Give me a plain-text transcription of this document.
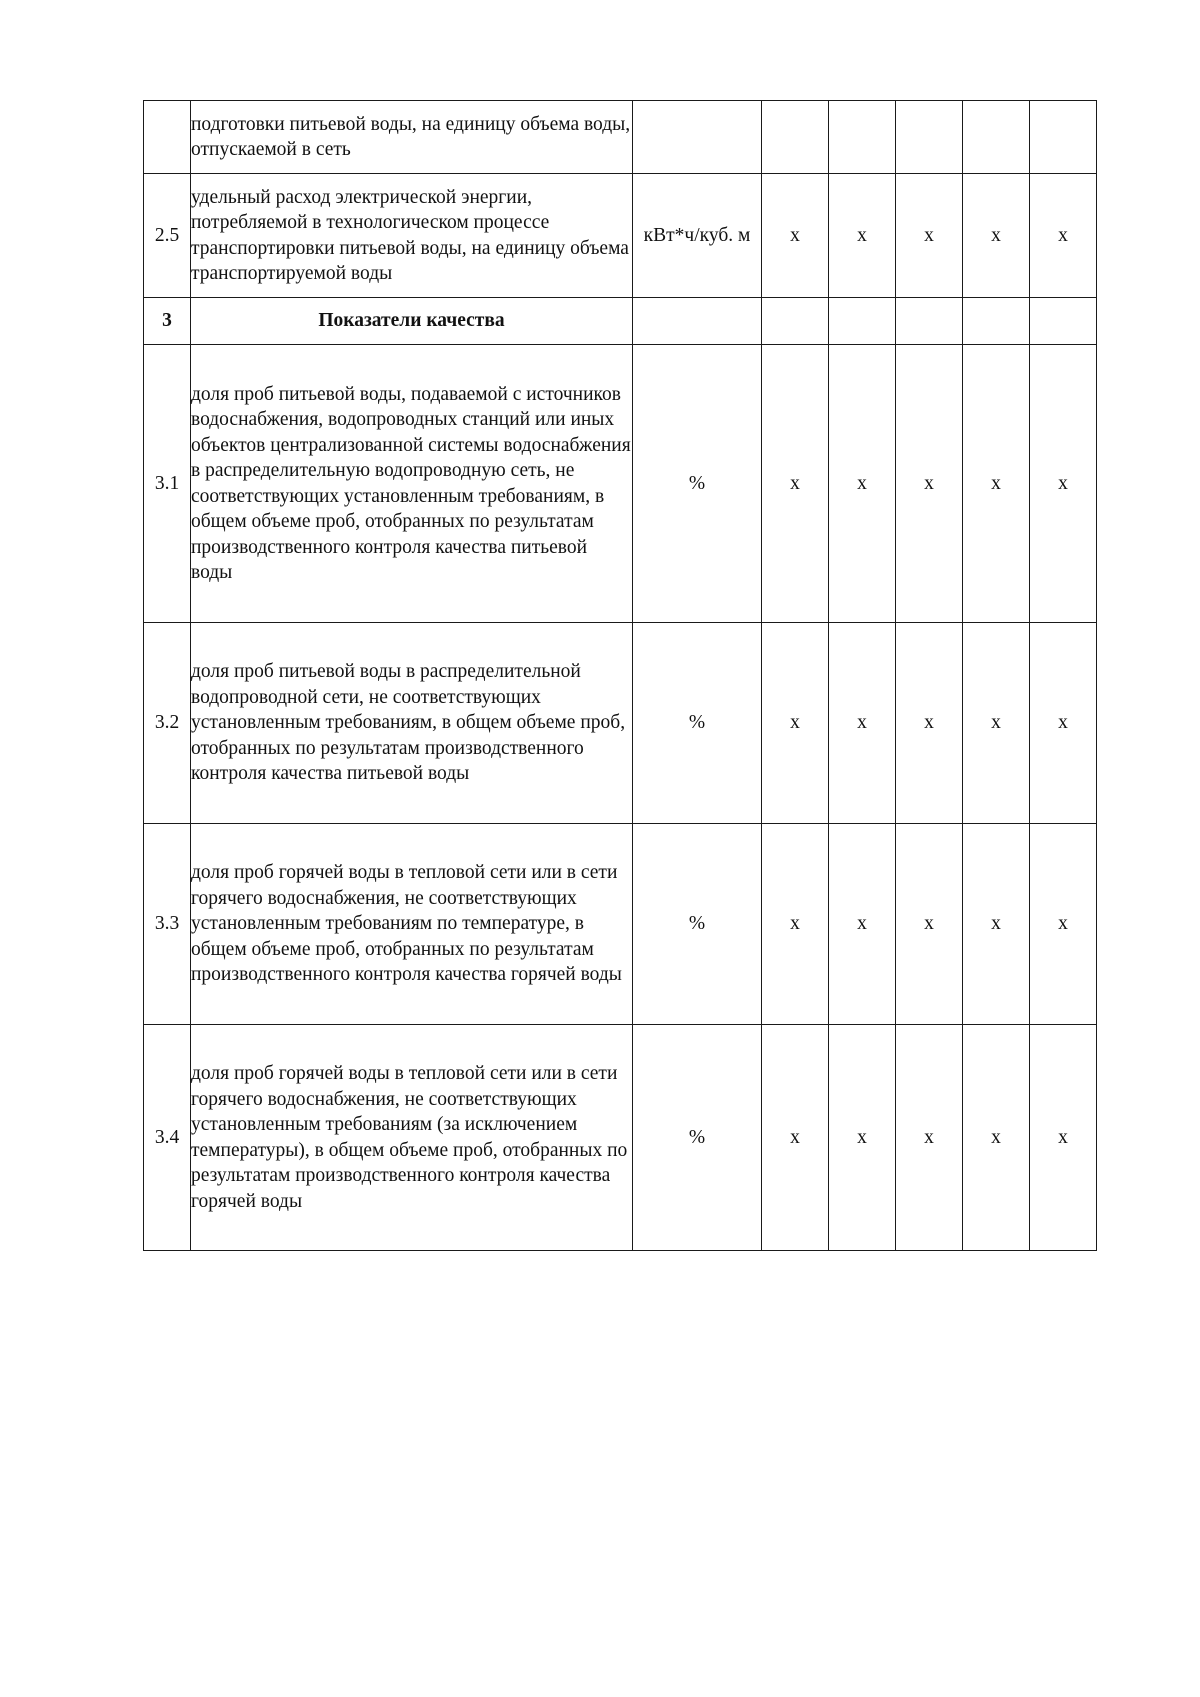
	подготовки питьевой воды, на единицу объема воды, отпускаемой в сеть						
2.5	удельный расход электрической энергии, потребляемой в технологическом процессе транспортировки питьевой воды, на единицу объема транспортируемой воды	кВт*ч/куб. м	х	х	х	х	х
3	Показатели качества						
3.1	доля проб питьевой воды, подаваемой с источников водоснабжения, водопроводных станций или иных объектов централизованной системы водоснабжения в распределительную водопроводную сеть, не соответствующих установленным требованиям, в общем объеме проб, отобранных по результатам производственного контроля качества питьевой воды	%	х	х	х	х	х
3.2	доля проб питьевой воды в распределительной водопроводной сети, не соответствующих установленным требованиям, в общем объеме проб, отобранных по результатам производственного контроля качества питьевой воды	%	х	х	х	х	х
3.3	доля проб горячей воды в тепловой сети или в сети горячего водоснабжения, не соответствующих установленным требованиям по температуре, в общем объеме проб, отобранных по результатам производственного контроля качества горячей воды	%	х	х	х	х	х
3.4	доля проб горячей воды в тепловой сети или в сети горячего водоснабжения, не соответствующих установленным требованиям (за исключением температуры), в общем объеме проб, отобранных по результатам производственного контроля качества горячей воды	%	х	х	х	х	х
